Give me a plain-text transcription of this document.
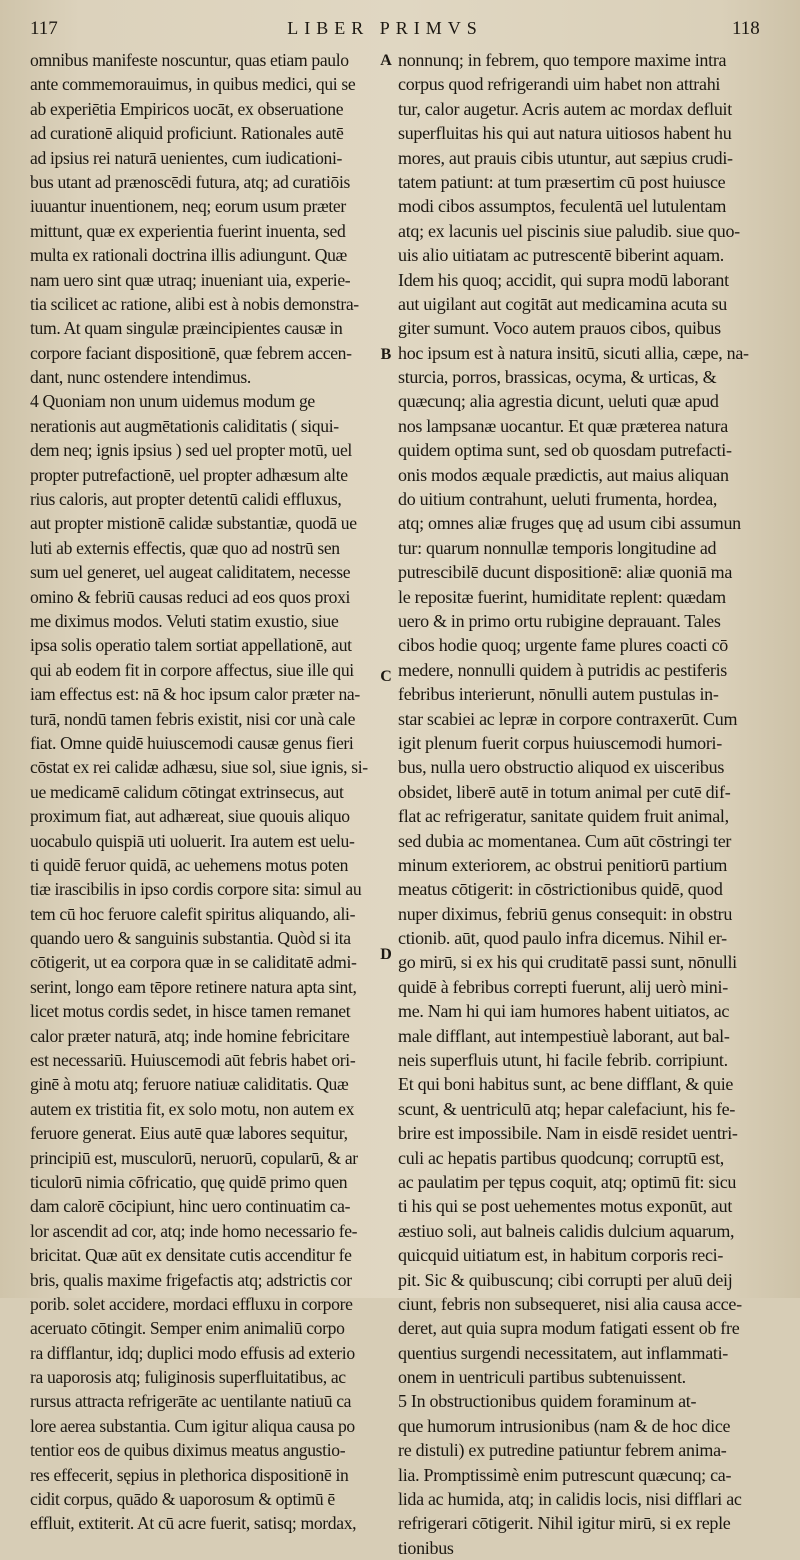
117	LIBER PRIMVS	118
omnibus manifeste noscuntur, quas etiam paulo
ante commemorauimus, in quibus medici, qui se
ab experiētia Empiricos uocāt, ex obseruatione
ad curationē aliquid proficiunt. Rationales autē
ad ipsius rei naturā uenientes, cum iudicationi-
bus utant ad prænoscēdi futura, atq; ad curatiōis
iuuantur inuentionem, neq; eorum usum præter
mittunt, quæ ex experientia fuerint inuenta, sed
multa ex rationali doctrina illis adiungunt. Quæ
nam uero sint quæ utraq; inueniant uia, experie-
tia scilicet ac ratione, alibi est à nobis demonstra-
tum. At quam singulæ præincipientes causæ in
corpore faciant dispositionē, quæ febrem accen-
dant, nunc ostendere intendimus.
4 Quoniam non unum uidemus modum ge
nerationis aut augmētationis caliditatis ( siqui-
dem neq; ignis ipsius ) sed uel propter motū, uel
propter putrefactionē, uel propter adhæsum alte
rius caloris, aut propter detentū calidi effluxus,
aut propter mistionē calidæ substantiæ, quodā ue
luti ab externis effectis, quæ quo ad nostrū sen
sum uel generet, uel augeat caliditatem, necesse
omino & febriū causas reduci ad eos quos proxi
me diximus modos. Veluti statim exustio, siue
ipsa solis operatio talem sortiat appellationē, aut
qui ab eodem fit in corpore affectus, siue ille qui
iam effectus est: nā & hoc ipsum calor præter na-
turā, nondū tamen febris existit, nisi cor unà cale
fiat. Omne quidē huiuscemodi causæ genus fieri
cōstat ex rei calidæ adhæsu, siue sol, siue ignis, si-
ue medicamē calidum cōtingat extrinsecus, aut
proximum fiat, aut adhæreat, siue quouis aliquo
uocabulo quispiā uti uoluerit. Ira autem est uelu-
ti quidē feruor quidā, ac uehemens motus poten
tiæ irascibilis in ipso cordis corpore sita: simul au
tem cū hoc feruore calefit spiritus aliquando, ali-
quando uero & sanguinis substantia. Quòd si ita
cōtigerit, ut ea corpora quæ in se caliditatē admi-
serint, longo eam tēpore retinere natura apta sint,
licet motus cordis sedet, in hisce tamen remanet
calor præter naturā, atq; inde homine febricitare
est necessariū. Huiuscemodi aūt febris habet ori-
ginē à motu atq; feruore natiuæ caliditatis. Quæ
autem ex tristitia fit, ex solo motu, non autem ex
feruore generat. Eius autē quæ labores sequitur,
principiū est, musculorū, neruorū, copularū, & ar
ticulorū nimia cōfricatio, quę quidē primo quen
dam calorē cōcipiunt, hinc uero continuatim ca-
lor ascendit ad cor, atq; inde homo necessario fe-
bricitat. Quæ aūt ex densitate cutis accenditur fe
bris, qualis maxime frigefactis atq; adstrictis cor
porib. solet accidere, mordaci effluxu in corpore
aceruato cōtingit. Semper enim animaliū corpo
ra difflantur, idq; duplici modo effusis ad exterio
ra uaporosis atq; fuliginosis superfluitatibus, ac
rursus attracta refrigerāte ac uentilante natiuū ca
lore aerea substantia. Cum igitur aliqua causa po
tentior eos de quibus diximus meatus angustio-
res effecerit, sępius in plethorica dispositionē in
cidit corpus, quādo & uaporosum & optimū ē
effluit, extiterit. At cū acre fuerit, satisq; mordax,
A
B
C
D
nonnunq; in febrem, quo tempore maxime intra
corpus quod refrigerandi uim habet non attrahi
tur, calor augetur. Acris autem ac mordax defluit
superfluitas his qui aut natura uitiosos habent hu
mores, aut prauis cibis utuntur, aut sæpius crudi-
tatem patiunt: at tum præsertim cū post huiusce
modi cibos assumptos, feculentā uel lutulentam
atq; ex lacunis uel piscinis siue paludib. siue quo-
uis alio uitiatam ac putrescentē biberint aquam.
Idem his quoq; accidit, qui supra modū laborant
aut uigilant aut cogitāt aut medicamina acuta su
giter sumunt. Voco autem prauos cibos, quibus
hoc ipsum est à natura insitū, sicuti allia, cæpe, na-
sturcia, porros, brassicas, ocyma, & urticas, &
quæcunq; alia agrestia dicunt, ueluti quæ apud
nos lampsanæ uocantur. Et quæ præterea natura
quidem optima sunt, sed ob quosdam putrefacti-
onis modos æquale prædictis, aut maius aliquan
do uitium contrahunt, ueluti frumenta, hordea,
atq; omnes aliæ fruges quę ad usum cibi assumun
tur: quarum nonnullæ temporis longitudine ad
putrescibilē ducunt dispositionē: aliæ quoniā ma
le repositæ fuerint, humiditate replent: quædam
uero & in primo ortu rubigine deprauant. Tales
cibos hodie quoq; urgente fame plures coacti cō
medere, nonnulli quidem à putridis ac pestiferis
febribus interierunt, nōnulli autem pustulas in-
star scabiei ac lepræ in corpore contraxerūt. Cum
igit plenum fuerit corpus huiuscemodi humori-
bus, nulla uero obstructio aliquod ex uisceribus
obsidet, liberē autē in totum animal per cutē dif-
flat ac refrigeratur, sanitate quidem fruit animal,
sed dubia ac momentanea. Cum aūt cōstringi ter
minum exteriorem, ac obstrui penitiorū partium
meatus cōtigerit: in cōstrictionibus quidē, quod
nuper diximus, febriū genus consequit: in obstru
ctionib. aūt, quod paulo infra dicemus. Nihil er-
go mirū, si ex his qui cruditatē passi sunt, nōnulli
quidē à febribus correpti fuerunt, alij uerò mini-
me. Nam hi qui iam humores habent uitiatos, ac
male difflant, aut intempestiuè laborant, aut bal-
neis superfluis utunt, hi facile febrib. corripiunt.
Et qui boni habitus sunt, ac bene difflant, & quie
scunt, & uentriculū atq; hepar calefaciunt, his fe-
brire est impossibile. Nam in eisdē residet uentri-
culi ac hepatis partibus quodcunq; corruptū est,
ac paulatim per tępus coquit, atq; optimū fit: sicu
ti his qui se post uehementes motus exponūt, aut
æstiuo soli, aut balneis calidis dulcium aquarum,
quicquid uitiatum est, in habitum corporis reci-
pit. Sic & quibuscunq; cibi corrupti per aluū deij
ciunt, febris non subsequeret, nisi alia causa acce-
deret, aut quia supra modum fatigati essent ob fre
quentius surgendi necessitatem, aut inflammati-
onem in uentriculi partibus subtenuissent.
5 In obstructionibus quidem foraminum at-
que humorum intrusionibus (nam & de hoc dice
re distuli) ex putredine patiuntur febrem anima-
lia. Promptissimè enim putrescunt quæcunq; ca-
lida ac humida, atq; in calidis locis, nisi difflari ac
refrigerari cōtigerit. Nihil igitur mirū, si ex reple
tionibus
